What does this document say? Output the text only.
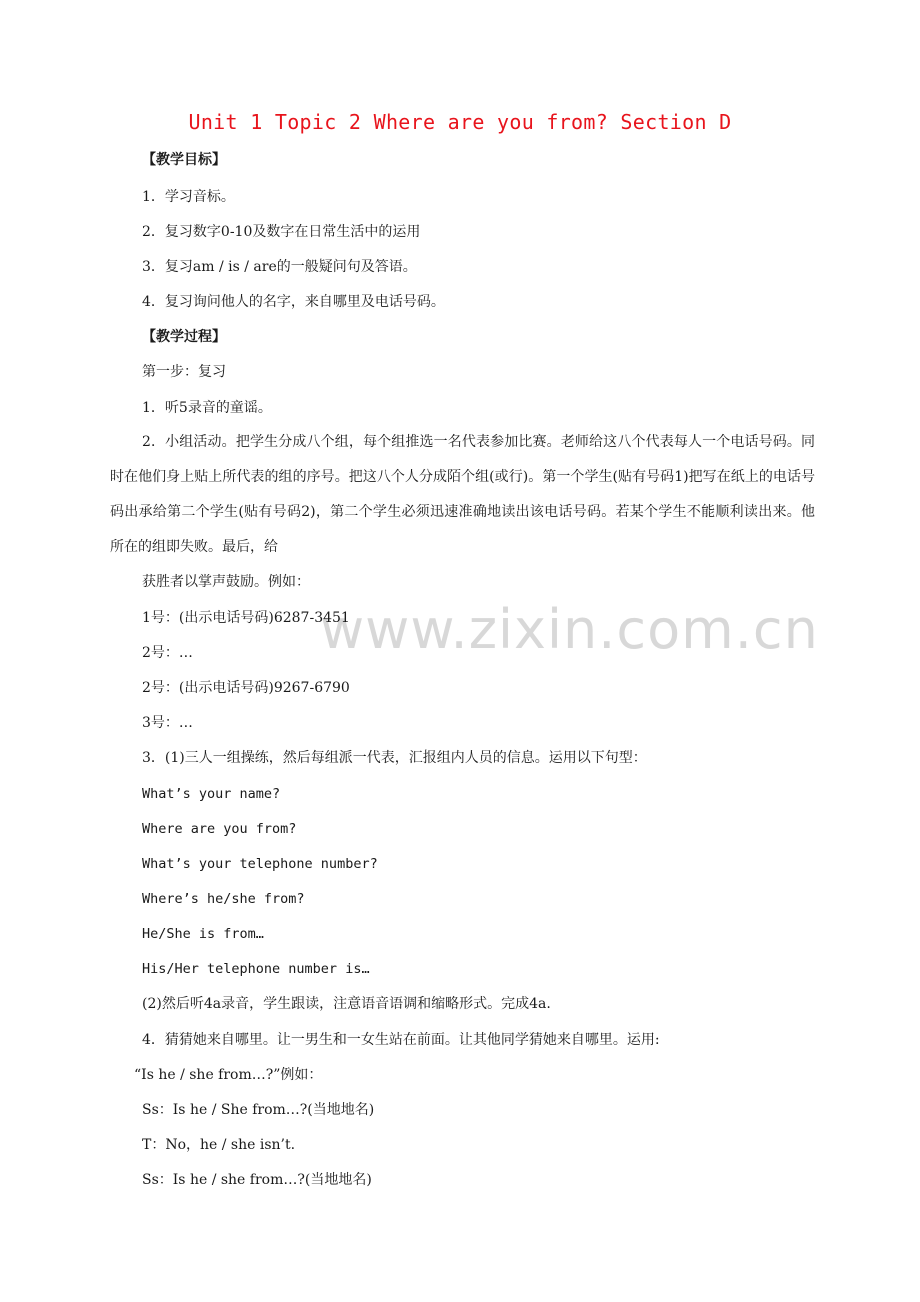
Unit 1 Topic 2 Where are you from? Section D
【教学目标】
1．学习音标。
2．复习数字0-10及数字在日常生活中的运用
3．复习am / is / are的一般疑问句及答语。
4．复习询问他人的名字，来自哪里及电话号码。
【教学过程】
第一步：复习
1．听5录音的童谣。
2．小组活动。把学生分成八个组，每个组推选一名代表参加比赛。老师给这八个代表每人一个电话号码。同时在他们身上贴上所代表的组的序号。把这八个人分成陌个组(或行)。第一个学生(贴有号码1)把写在纸上的电话号码出承给第二个学生(贴有号码2)，第二个学生必须迅速准确地读出该电话号码。若某个学生不能顺利读出来。他所在的组即失败。最后，给
获胜者以掌声鼓励。例如：
www.zixin.com.cn
1号：(出示电话号码)6287-3451
2号：…
2号：(出示电话号码)9267-6790
3号：…
3．(1)三人一组操练，然后每组派一代表，汇报组内人员的信息。运用以下句型：
What’s your name?
Where are you from?
What’s your telephone number?
Where’s he/she from?
He/She is from…
His/Her telephone number is…
(2)然后听4a录音，学生跟读，注意语音语调和缩略形式。完成4a.
4．猜猜她来自哪里。让一男生和一女生站在前面。让其他同学猜她来自哪里。运用:
“Is he / she from…?”例如：
Ss：Is he / She from…?(当地地名)
T：No，he / she isn’t.
Ss：Is he / she from…?(当地地名)
